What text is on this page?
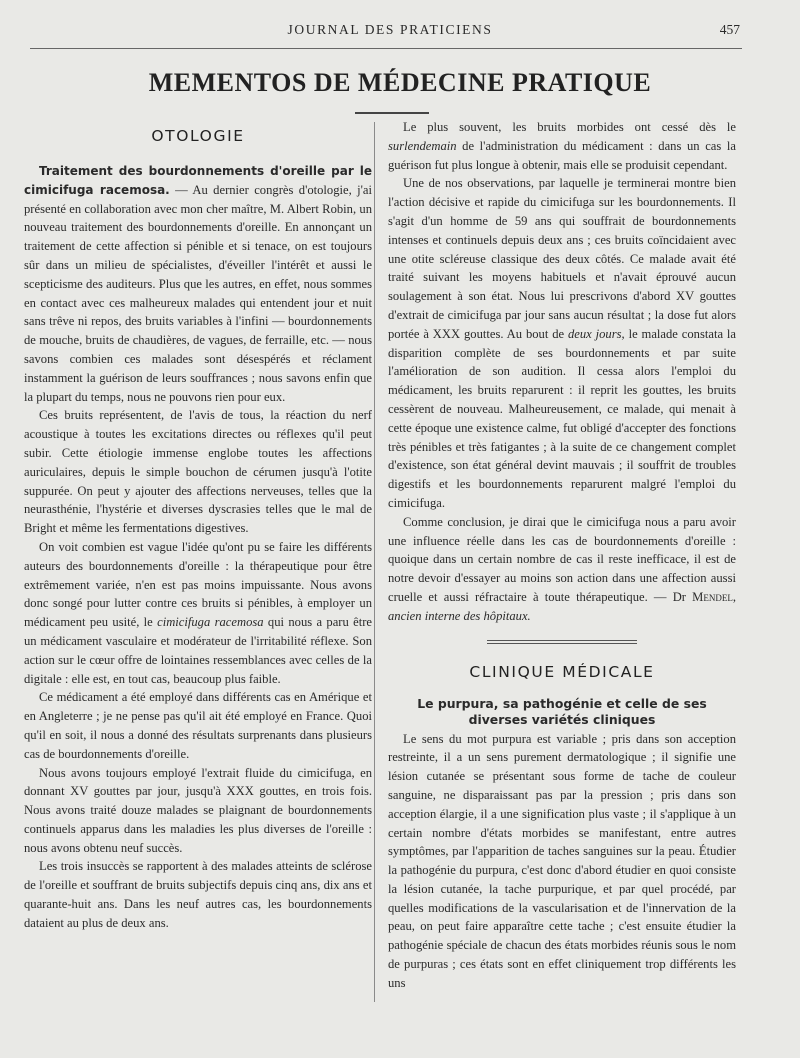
JOURNAL DES PRATICIENS	457
MEMENTOS DE MÉDECINE PRATIQUE
OTOLOGIE

Traitement des bourdonnements d'oreille par le cimicifuga racemosa. — Au dernier congrès d'otologie, j'ai présenté en collaboration avec mon cher maître, M. Albert Robin, un nouveau traitement des bourdonnements d'oreille. En annonçant un traitement de cette affection si pénible et si tenace, on est toujours sûr dans un milieu de spécialistes, d'éveiller l'intérêt et aussi le scepticisme des auditeurs. Plus que les autres, en effet, nous sommes en contact avec ces malheureux malades qui entendent jour et nuit sans trêve ni repos, des bruits variables à l'infini — bourdonnements de mouche, bruits de chaudières, de vagues, de ferraille, etc. — nous savons combien ces malades sont désespérés et réclament instamment la guérison de leurs souffrances ; nous savons enfin que la plupart du temps, nous ne pouvons rien pour eux.

Ces bruits représentent, de l'avis de tous, la réaction du nerf acoustique à toutes les excitations directes ou réflexes qu'il peut subir. Cette étiologie immense englobe toutes les affections auriculaires, depuis le simple bouchon de cérumen jusqu'à l'otite suppurée. On peut y ajouter des affections nerveuses, telles que la neurasthénie, l'hystérie et diverses dyscrasies telles que le mal de Bright et même les fermentations digestives.

On voit combien est vague l'idée qu'ont pu se faire les différents auteurs des bourdonnements d'oreille : la thérapeutique pour être extrêmement variée, n'en est pas moins impuissante. Nous avons donc songé pour lutter contre ces bruits si pénibles, à employer un médicament peu usité, le cimicifuga racemosa qui nous a paru être un médicament vasculaire et modérateur de l'irritabilité réflexe. Son action sur le cœur offre de lointaines ressemblances avec celles de la digitale : elle est, en tout cas, beaucoup plus faible.

Ce médicament a été employé dans différents cas en Amérique et en Angleterre ; je ne pense pas qu'il ait été employé en France. Quoi qu'il en soit, il nous a donné des résultats surprenants dans plusieurs cas de bourdonnements d'oreille.

Nous avons toujours employé l'extrait fluide du cimicifuga, en donnant XV gouttes par jour, jusqu'à XXX gouttes, en trois fois. Nous avons traité douze malades se plaignant de bourdonnements continuels apparus dans les maladies les plus diverses de l'oreille : nous avons obtenu neuf succès.

Les trois insuccès se rapportent à des malades atteints de sclérose de l'oreille et souffrant de bruits subjectifs depuis cinq ans, dix ans et quarante-huit ans. Dans les neuf autres cas, les bourdonnements dataient au plus de deux ans.

Le plus souvent, les bruits morbides ont cessé dès le surlendemain de l'administration du médicament : dans un cas la guérison fut plus longue à obtenir, mais elle se produisit cependant.

Une de nos observations, par laquelle je terminerai montre bien l'action décisive et rapide du cimicifuga sur les bourdonnements. Il s'agit d'un homme de 59 ans qui souffrait de bourdonnements intenses et continuels depuis deux ans ; ces bruits coïncidaient avec une otite scléreuse classique des deux côtés. Ce malade avait été traité suivant les moyens habituels et n'avait éprouvé aucun soulagement à son état. Nous lui prescrivons d'abord XV gouttes d'extrait de cimicifuga par jour sans aucun résultat ; la dose fut alors portée à XXX gouttes. Au bout de deux jours, le malade constata la disparition complète de ses bourdonnements et par suite l'amélioration de son audition. Il cessa alors l'emploi du médicament, les bruits reparurent : il reprit les gouttes, les bruits cessèrent de nouveau. Malheureusement, ce malade, qui menait à cette époque une existence calme, fut obligé d'accepter des fonctions très pénibles et très fatigantes ; à la suite de ce changement complet d'existence, son état général devint mauvais ; il souffrit de troubles digestifs et les bourdonnements reparurent malgré l'emploi du cimicifuga.

Comme conclusion, je dirai que le cimicifuga nous a paru avoir une influence réelle dans les cas de bourdonnements d'oreille : quoique dans un certain nombre de cas il reste inefficace, il est de notre devoir d'essayer au moins son action dans une affection aussi cruelle et aussi réfractaire à toute thérapeutique. — Dr Mendel, ancien interne des hôpitaux.

CLINIQUE MÉDICALE
Le purpura, sa pathogénie et celle de ses diverses variétés cliniques

Le sens du mot purpura est variable ; pris dans son acception restreinte, il a un sens purement dermatologique ; il signifie une lésion cutanée se présentant sous forme de tache de couleur sanguine, ne disparaissant pas par la pression ; pris dans son acception élargie, il a une signification plus vaste ; il s'applique à un certain nombre d'états morbides se manifestant, entre autres symptômes, par l'apparition de taches sanguines sur la peau. Étudier la pathogénie du purpura, c'est donc d'abord étudier en quoi consiste la lésion cutanée, la tache purpurique, et par quel procédé, par quelles modifications de la vascularisation et de l'innervation de la peau, on peut faire apparaître cette tache ; c'est ensuite étudier la pathogénie spéciale de chacun des états morbides réunis sous le nom de purpuras ; ces états sont en effet cliniquement trop différents les uns
